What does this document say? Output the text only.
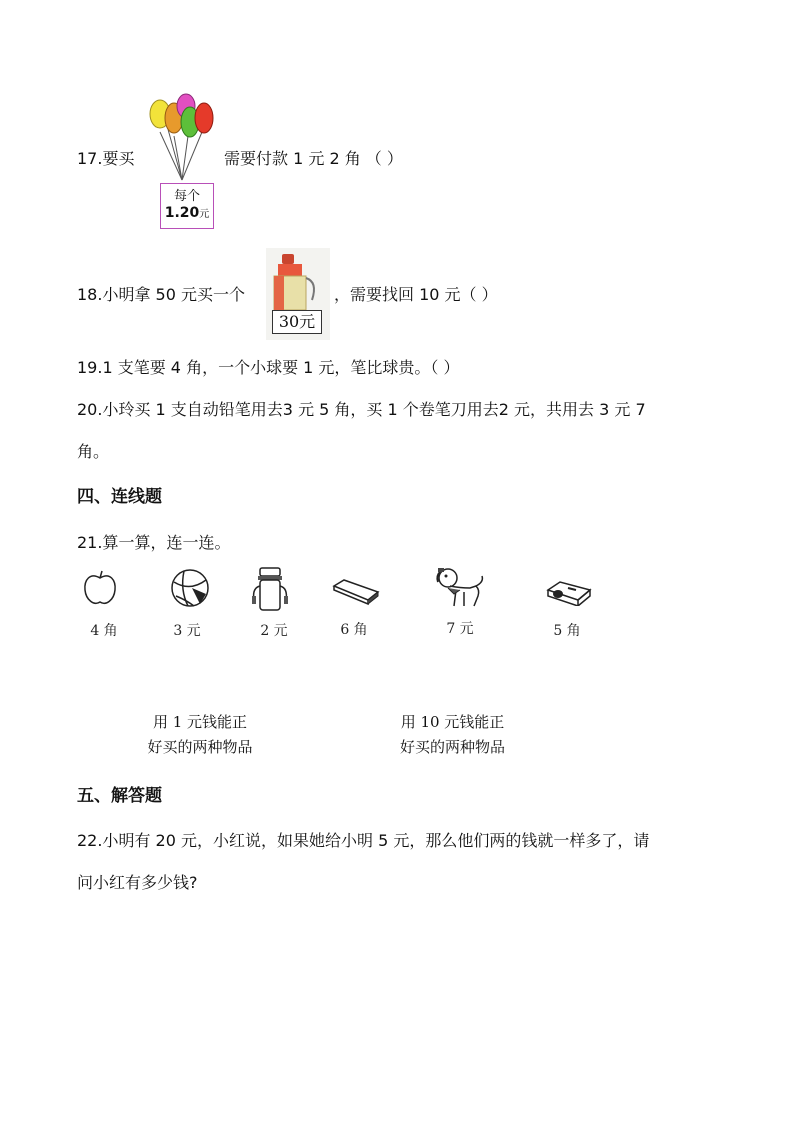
17.要买
每个
1.20元
需要付款 1 元 2 角 （ ）
18.小明拿 50 元买一个
30元
，需要找回 10 元（ ）
19.1 支笔要 4 角，一个小球要 1 元，笔比球贵。（ ）
20.小玲买 1 支自动铅笔用去3 元 5 角，买 1 个卷笔刀用去2 元，共用去 3 元 7
角。
四、连线题
21.算一算，连一连。
4 角	3 元	2 元	6 角	7 元	5 角
用 1 元钱能正
好买的两种物品
用 10 元钱能正
好买的两种物品
五、解答题
22.小明有 20 元，小红说，如果她给小明 5 元，那么他们两的钱就一样多了，请
问小红有多少钱?
